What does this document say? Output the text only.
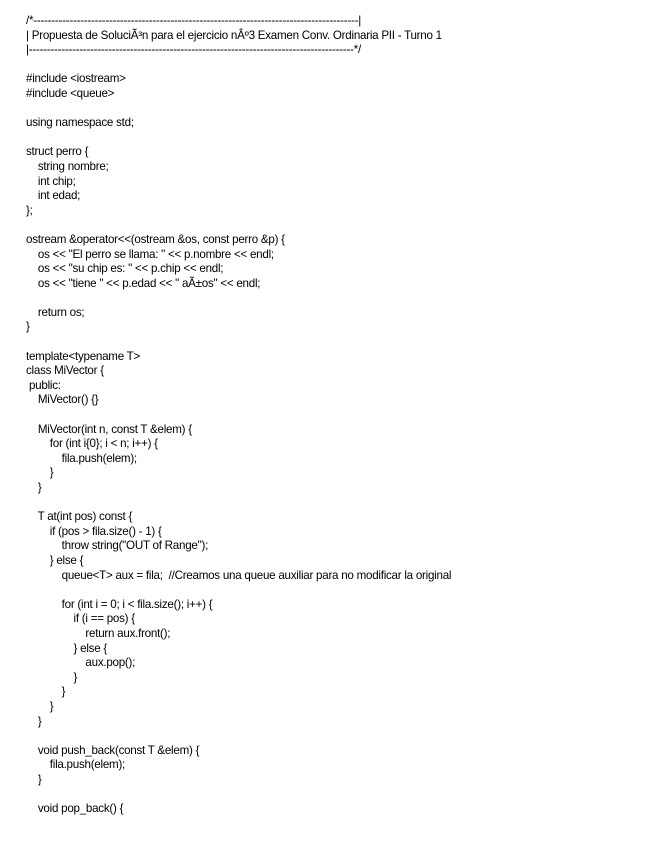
/*------------------------------------------------------------------------------------------|
| Propuesta de SoluciÃ³n para el ejercicio nÂº3 Examen Conv. Ordinaria PII - Turno 1
|------------------------------------------------------------------------------------------*/
#include <iostream>
#include <queue>
using namespace std;
struct perro {
string nombre;
int chip;
int edad;
};
ostream &operator<<(ostream &os, const perro &p) {
os << "El perro se llama: " << p.nombre << endl;
os << "su chip es: " << p.chip << endl;
os << "tiene " << p.edad << " aÃ±os" << endl;
return os;
}
template<typename T>
class MiVector {
public:
MiVector() {}
MiVector(int n, const T &elem) {
for (int i{0}; i < n; i++) {
fila.push(elem);
}
}
T at(int pos) const {
if (pos > fila.size() - 1) {
throw string("OUT of Range");
} else {
queue<T> aux = fila;  //Creamos una queue auxiliar para no modificar la original
for (int i = 0; i < fila.size(); i++) {
if (i == pos) {
return aux.front();
} else {
aux.pop();
}
}
}
}
void push_back(const T &elem) {
fila.push(elem);
}
void pop_back() {
